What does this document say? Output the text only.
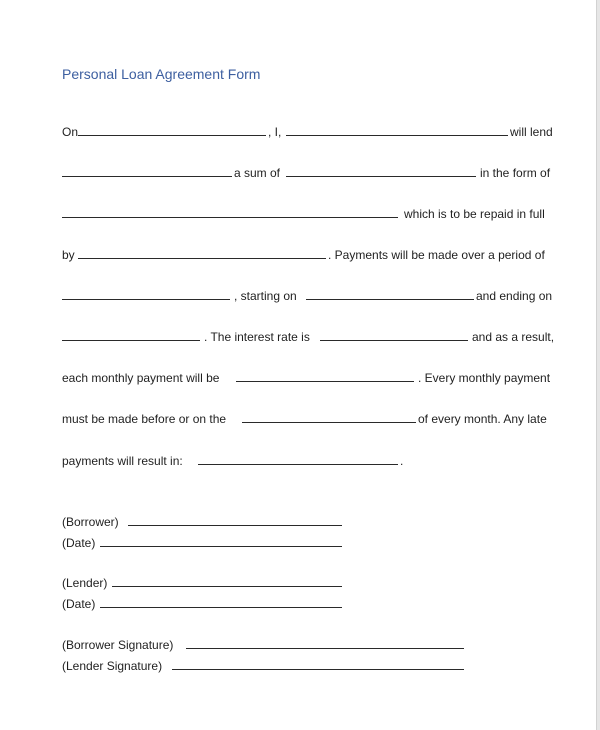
Personal Loan Agreement Form
On	, I,	will lend
a sum of	in the form of
which is to be repaid in full
by	. Payments will be made over a period of
, starting on	and ending on
. The interest rate is	and as a result,
each monthly payment will be	. Every monthly payment
must be made before or on the	of every month. Any late
payments will result in:	.
(Borrower)
(Date)
(Lender)
(Date)
(Borrower Signature)
(Lender Signature)
